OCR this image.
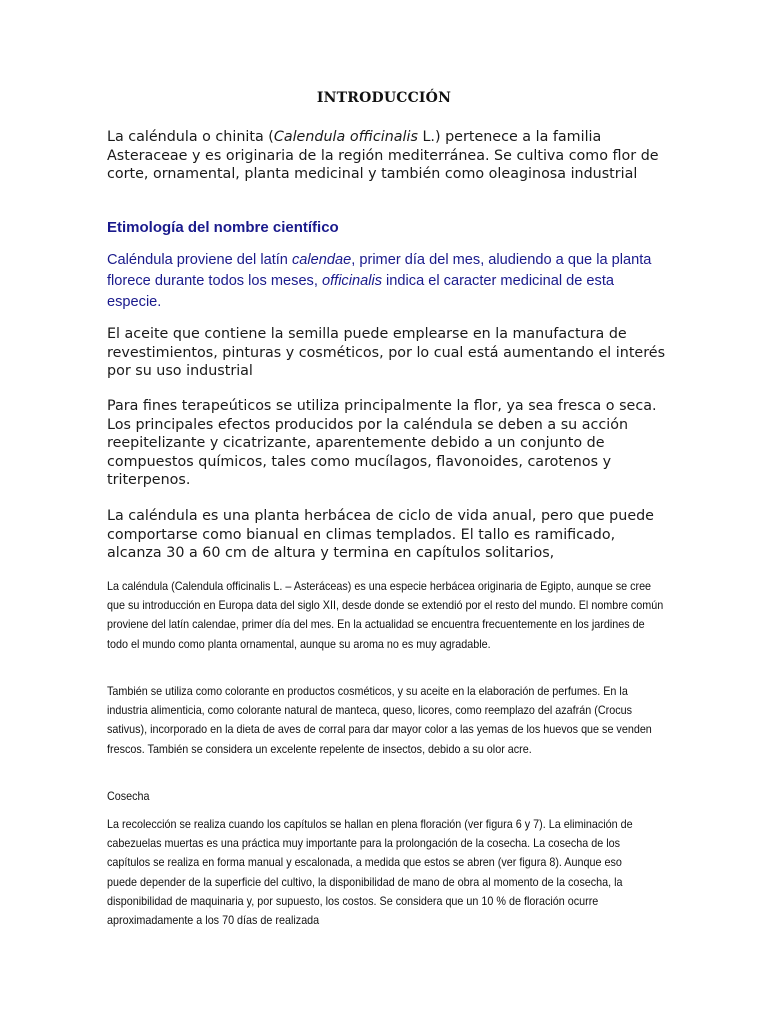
INTRODUCCIÓN
La caléndula o chinita (Calendula officinalis L.) pertenece a la familia Asteraceae y es originaria de la región mediterránea. Se cultiva como flor de corte, ornamental, planta medicinal y también como oleaginosa industrial
Etimología del nombre científico
Caléndula proviene del latín calendae, primer día del mes, aludiendo a que la planta florece durante todos los meses, officinalis indica el caracter medicinal de esta especie.
El aceite que contiene la semilla puede emplearse en la manufactura de revestimientos, pinturas y cosméticos, por lo cual está aumentando el interés por su uso industrial
Para fines terapeúticos se utiliza principalmente la flor, ya sea fresca o seca. Los principales efectos producidos por la caléndula se deben a su acción reepitelizante y cicatrizante, aparentemente debido a un conjunto de compuestos químicos, tales como mucílagos, flavonoides, carotenos y triterpenos.
La caléndula es una planta herbácea de ciclo de vida anual, pero que puede comportarse como bianual en climas templados. El tallo es ramificado, alcanza 30 a 60 cm de altura y termina en capítulos solitarios,
La caléndula (Calendula officinalis L. – Asteráceas) es una especie herbácea originaria de Egipto, aunque se cree que su introducción en Europa data del siglo XII, desde donde se extendió por el resto del mundo. El nombre común proviene del latín calendae, primer día del mes. En la actualidad se encuentra frecuentemente en los jardines de todo el mundo como planta ornamental, aunque su aroma no es muy agradable.
También se utiliza como colorante en productos cosméticos, y su aceite en la elaboración de perfumes. En la industria alimenticia, como colorante natural de manteca, queso, licores, como reemplazo del azafrán (Crocus sativus), incorporado en la dieta de aves de corral para dar mayor color a las yemas de los huevos que se venden frescos. También se considera un excelente repelente de insectos, debido a su olor acre.
Cosecha
La recolección se realiza cuando los capítulos se hallan en plena floración (ver figura 6 y 7). La eliminación de cabezuelas muertas es una práctica muy importante para la prolongación de la cosecha. La cosecha de los capítulos se realiza en forma manual y escalonada, a medida que estos se abren (ver figura 8). Aunque eso puede depender de la superficie del cultivo, la disponibilidad de mano de obra al momento de la cosecha, la disponibilidad de maquinaria y, por supuesto, los costos. Se considera que un 10 % de floración ocurre aproximadamente a los 70 días de realizada
